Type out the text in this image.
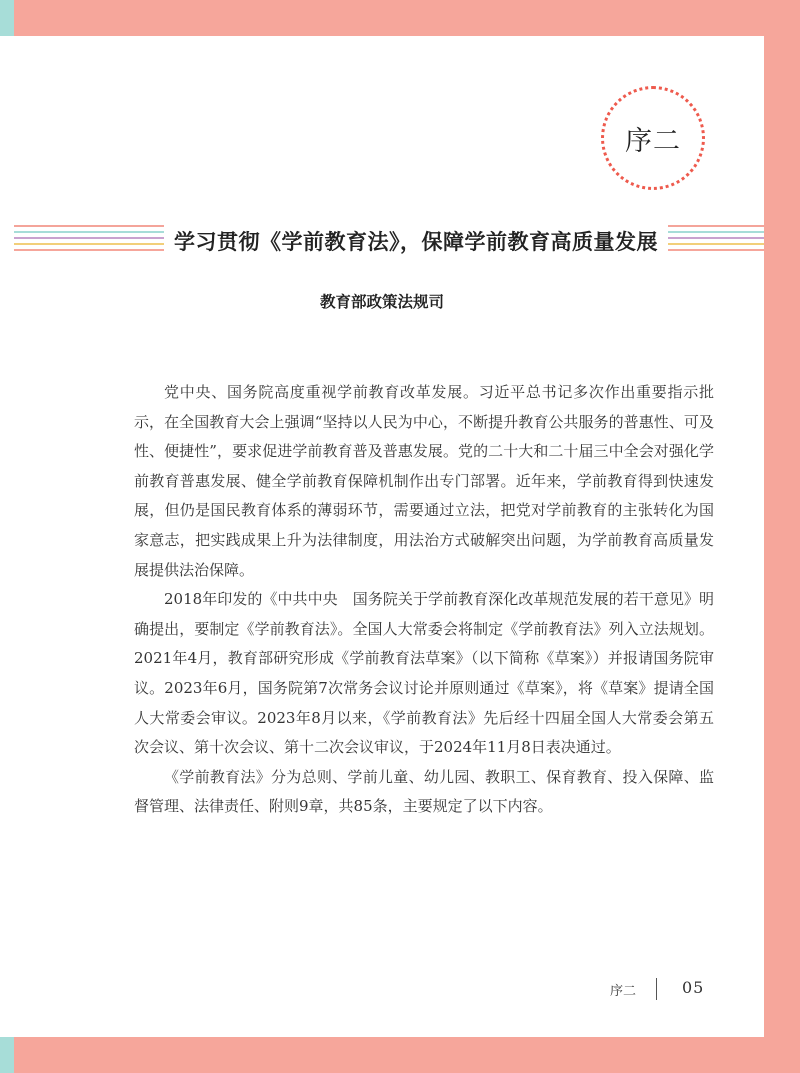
序二
学习贯彻《学前教育法》，保障学前教育高质量发展
教育部政策法规司

党中央、国务院高度重视学前教育改革发展。习近平总书记多次作出重要指示批示，在全国教育大会上强调“坚持以人民为中心，不断提升教育公共服务的普惠性、可及性、便捷性”，要求促进学前教育普及普惠发展。党的二十大和二十届三中全会对强化学前教育普惠发展、健全学前教育保障机制作出专门部署。近年来，学前教育得到快速发展，但仍是国民教育体系的薄弱环节，需要通过立法，把党对学前教育的主张转化为国家意志，把实践成果上升为法律制度，用法治方式破解突出问题，为学前教育高质量发展提供法治保障。

2018年印发的《中共中央　国务院关于学前教育深化改革规范发展的若干意见》明确提出，要制定《学前教育法》。全国人大常委会将制定《学前教育法》列入立法规划。2021年4月，教育部研究形成《学前教育法草案》（以下简称《草案》）并报请国务院审议。2023年6月，国务院第7次常务会议讨论并原则通过《草案》，将《草案》提请全国人大常委会审议。2023年8月以来，《学前教育法》先后经十四届全国人大常委会第五次会议、第十次会议、第十二次会议审议，于2024年11月8日表决通过。

《学前教育法》分为总则、学前儿童、幼儿园、教职工、保育教育、投入保障、监督管理、法律责任、附则9章，共85条，主要规定了以下内容。

序二	05
